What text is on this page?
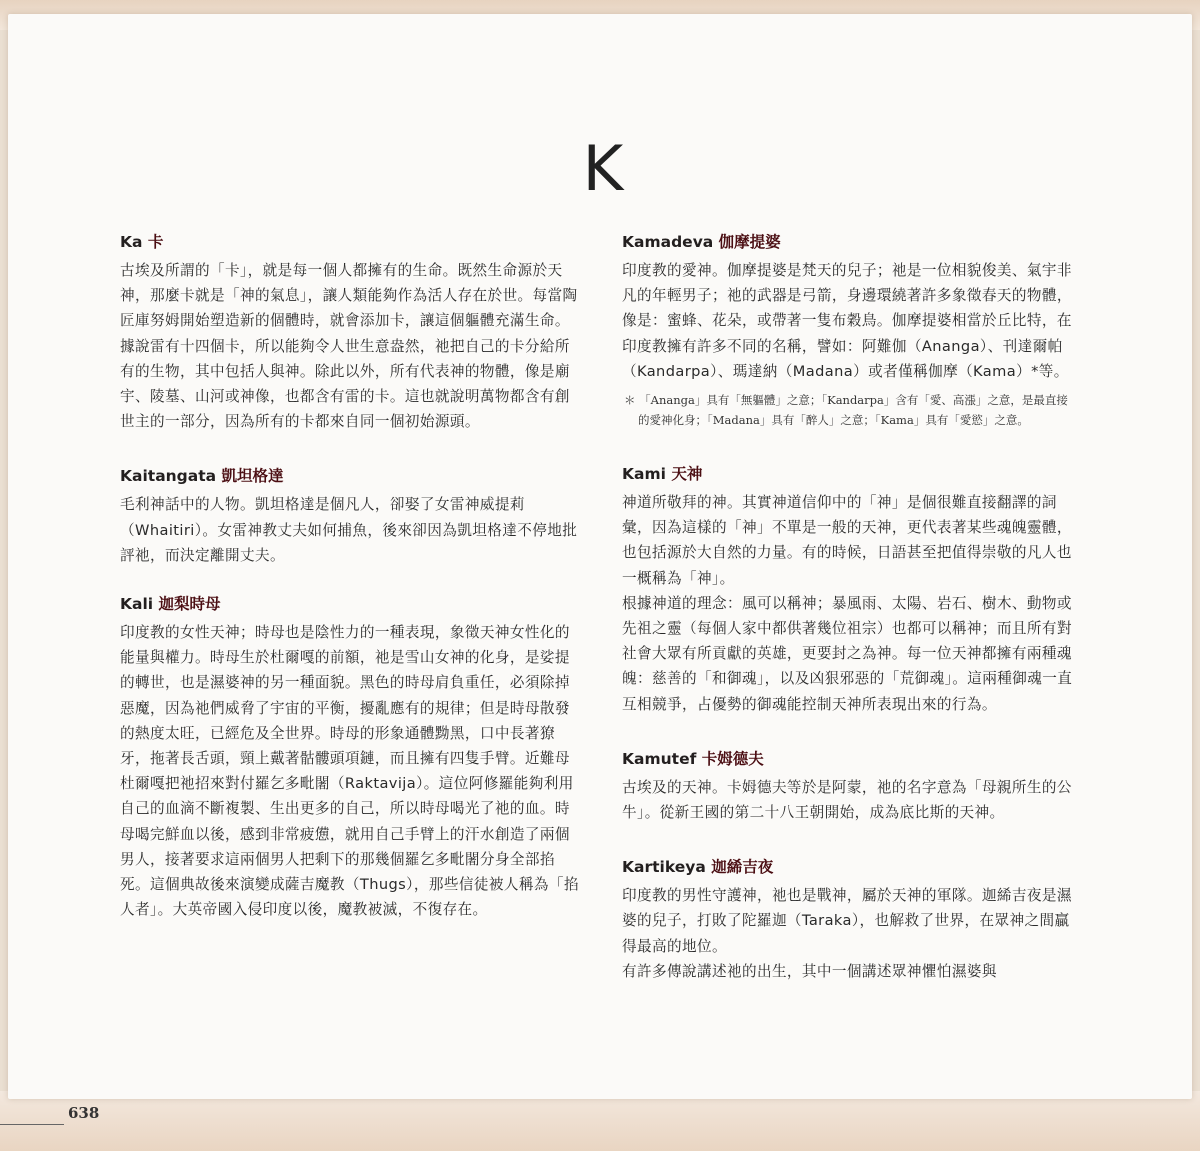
K
Ka 卡

古埃及所謂的「卡」，就是每一個人都擁有的生命。既然生命源於天神，那麼卡就是「神的氣息」，讓人類能夠作為活人存在於世。每當陶匠庫努姆開始塑造新的個體時，就會添加卡，讓這個軀體充滿生命。

據說雷有十四個卡，所以能夠令人世生意盎然，祂把自己的卡分給所有的生物，其中包括人與神。除此以外，所有代表神的物體，像是廟宇、陵墓、山河或神像，也都含有雷的卡。這也就說明萬物都含有創世主的一部分，因為所有的卡都來自同一個初始源頭。

Kaitangata 凱坦格達

毛利神話中的人物。凱坦格達是個凡人，卻娶了女雷神威提莉（Whaitiri）。女雷神教丈夫如何捕魚，後來卻因為凱坦格達不停地批評祂，而決定離開丈夫。

Kali 迦梨時母

印度教的女性天神；時母也是陰性力的一種表現，象徵天神女性化的能量與權力。時母生於杜爾嘎的前額，祂是雪山女神的化身，是娑提的轉世，也是濕婆神的另一種面貌。黑色的時母肩負重任，必須除掉惡魔，因為祂們威脅了宇宙的平衡，擾亂應有的規律；但是時母散發的熱度太旺，已經危及全世界。時母的形象通體黝黑，口中長著獠牙，拖著長舌頭，頸上戴著骷髏頭項鏈，而且擁有四隻手臂。近難母杜爾嘎把祂招來對付羅乞多毗闍（Raktavija）。這位阿修羅能夠利用自己的血滴不斷複製、生出更多的自己，所以時母喝光了祂的血。時母喝完鮮血以後，感到非常疲憊，就用自己手臂上的汗水創造了兩個男人，接著要求這兩個男人把剩下的那幾個羅乞多毗闍分身全部掐死。這個典故後來演變成薩吉魔教（Thugs），那些信徒被人稱為「掐人者」。大英帝國入侵印度以後，魔教被滅，不復存在。

Kamadeva 伽摩提婆

印度教的愛神。伽摩提婆是梵天的兒子；祂是一位相貌俊美、氣宇非凡的年輕男子；祂的武器是弓箭，身邊環繞著許多象徵春天的物體，像是：蜜蜂、花朵，或帶著一隻布穀鳥。伽摩提婆相當於丘比特，在印度教擁有許多不同的名稱，譬如：阿難伽（Ananga）、刊達爾帕（Kandarpa）、瑪達納（Madana）或者僅稱伽摩（Kama）*等。

＊ 「Ananga」具有「無軀體」之意；「Kandarpa」含有「愛、高漲」之意，是最直接的愛神化身；「Madana」具有「醉人」之意；「Kama」具有「愛慾」之意。
Kami 天神

神道所敬拜的神。其實神道信仰中的「神」是個很難直接翻譯的詞彙，因為這樣的「神」不單是一般的天神，更代表著某些魂魄靈體，也包括源於大自然的力量。有的時候，日語甚至把值得崇敬的凡人也一概稱為「神」。

根據神道的理念：風可以稱神；暴風雨、太陽、岩石、樹木、動物或先祖之靈（每個人家中都供著幾位祖宗）也都可以稱神；而且所有對社會大眾有所貢獻的英雄，更要封之為神。每一位天神都擁有兩種魂魄：慈善的「和御魂」，以及凶狠邪惡的「荒御魂」。這兩種御魂一直互相競爭，占優勢的御魂能控制天神所表現出來的行為。

Kamutef 卡姆德夫

古埃及的天神。卡姆德夫等於是阿蒙，祂的名字意為「母親所生的公牛」。從新王國的第二十八王朝開始，成為底比斯的天神。

Kartikeya 迦絺吉夜

印度教的男性守護神，祂也是戰神，屬於天神的軍隊。迦絺吉夜是濕婆的兒子，打敗了陀羅迦（Taraka），也解救了世界，在眾神之間贏得最高的地位。

有許多傳說講述祂的出生，其中一個講述眾神懼怕濕婆與

638
